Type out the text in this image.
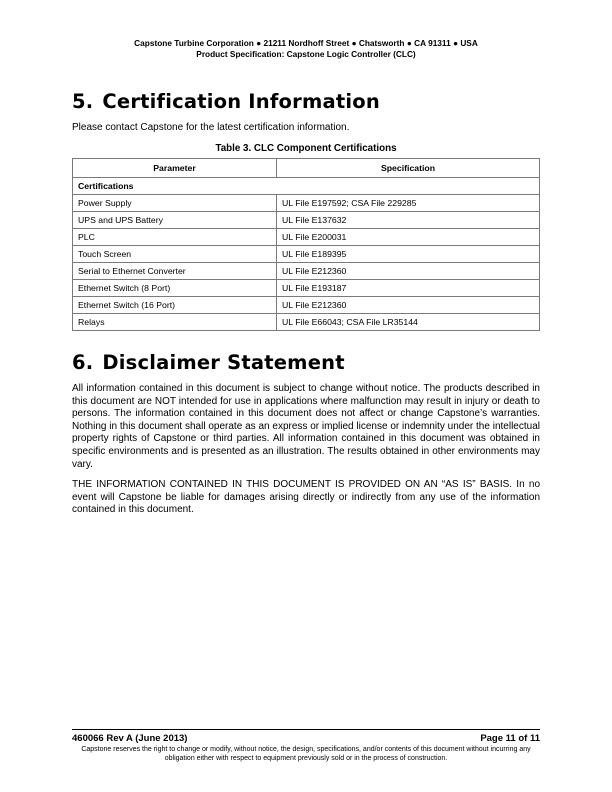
Capstone Turbine Corporation ● 21211 Nordhoff Street ● Chatsworth ● CA 91311 ● USA
Product Specification: Capstone Logic Controller (CLC)
5. Certification Information

Please contact Capstone for the latest certification information.

Table 3. CLC Component Certifications
Parameter	Specification
Certifications	
Power Supply	UL File E197592; CSA File 229285
UPS and UPS Battery	UL File E137632
PLC	UL File E200031
Touch Screen	UL File E189395
Serial to Ethernet Converter	UL File E212360
Ethernet Switch (8 Port)	UL File E193187
Ethernet Switch (16 Port)	UL File E212360
Relays	UL File E66043; CSA File LR35144
6. Disclaimer Statement

All information contained in this document is subject to change without notice. The products described in this document are NOT intended for use in applications where malfunction may result in injury or death to persons. The information contained in this document does not affect or change Capstone’s warranties. Nothing in this document shall operate as an express or implied license or indemnity under the intellectual property rights of Capstone or third parties. All information contained in this document was obtained in specific environments and is presented as an illustration. The results obtained in other environments may vary.

THE INFORMATION CONTAINED IN THIS DOCUMENT IS PROVIDED ON AN “AS IS” BASIS. In no event will Capstone be liable for damages arising directly or indirectly from any use of the information contained in this document.

460066 Rev A (June 2013)	Page 11 of 11
Capstone reserves the right to change or modify, without notice, the design, specifications, and/or contents of this document without incurring any obligation either with respect to equipment previously sold or in the process of construction.
